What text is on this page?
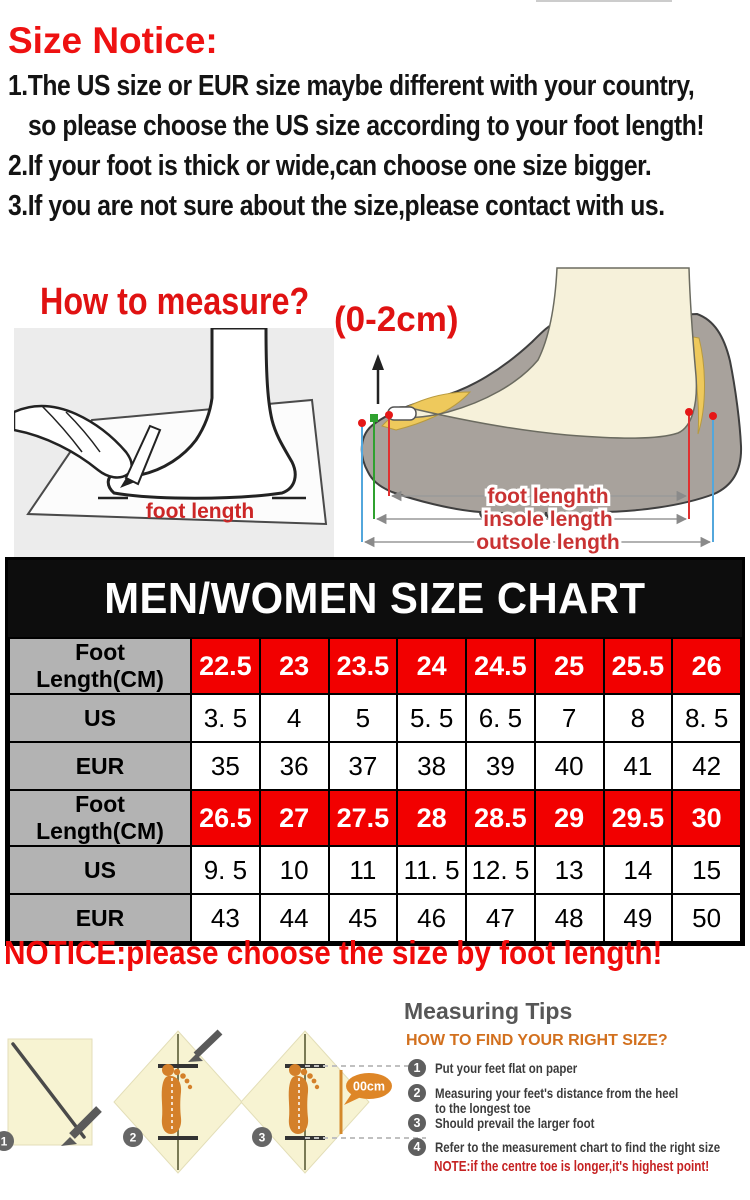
Size Notice:
1.The US size or EUR size maybe different with your country,
so please choose the US size according to your foot length!
2.If your foot is thick or wide,can choose one size bigger.
3.If you are not sure about the size,please contact with us.
How to measure? (0-2cm)
foot length
foot lenghth
insole length
outsole length
MEN/WOMEN SIZE CHART
Foot Length(CM)	22.5	23	23.5	24	24.5	25	25.5	26
US	3. 5	4	5	5. 5	6. 5	7	8	8. 5
EUR	35	36	37	38	39	40	41	42
Foot Length(CM)	26.5	27	27.5	28	28.5	29	29.5	30
US	9. 5	10	11	11. 5	12. 5	13	14	15
EUR	43	44	45	46	47	48	49	50
NOTICE:please choose the size by foot length!
1	2
00cm
3
Measuring Tips
HOW TO FIND YOUR RIGHT SIZE?
1	Put your feet flat on paper
2	Measuring your feet's distance from the heel
to the longest toe
3	Should prevail the larger foot
4	Refer to the measurement chart to find the right size
NOTE:if the centre toe is longer,it's highest point!
